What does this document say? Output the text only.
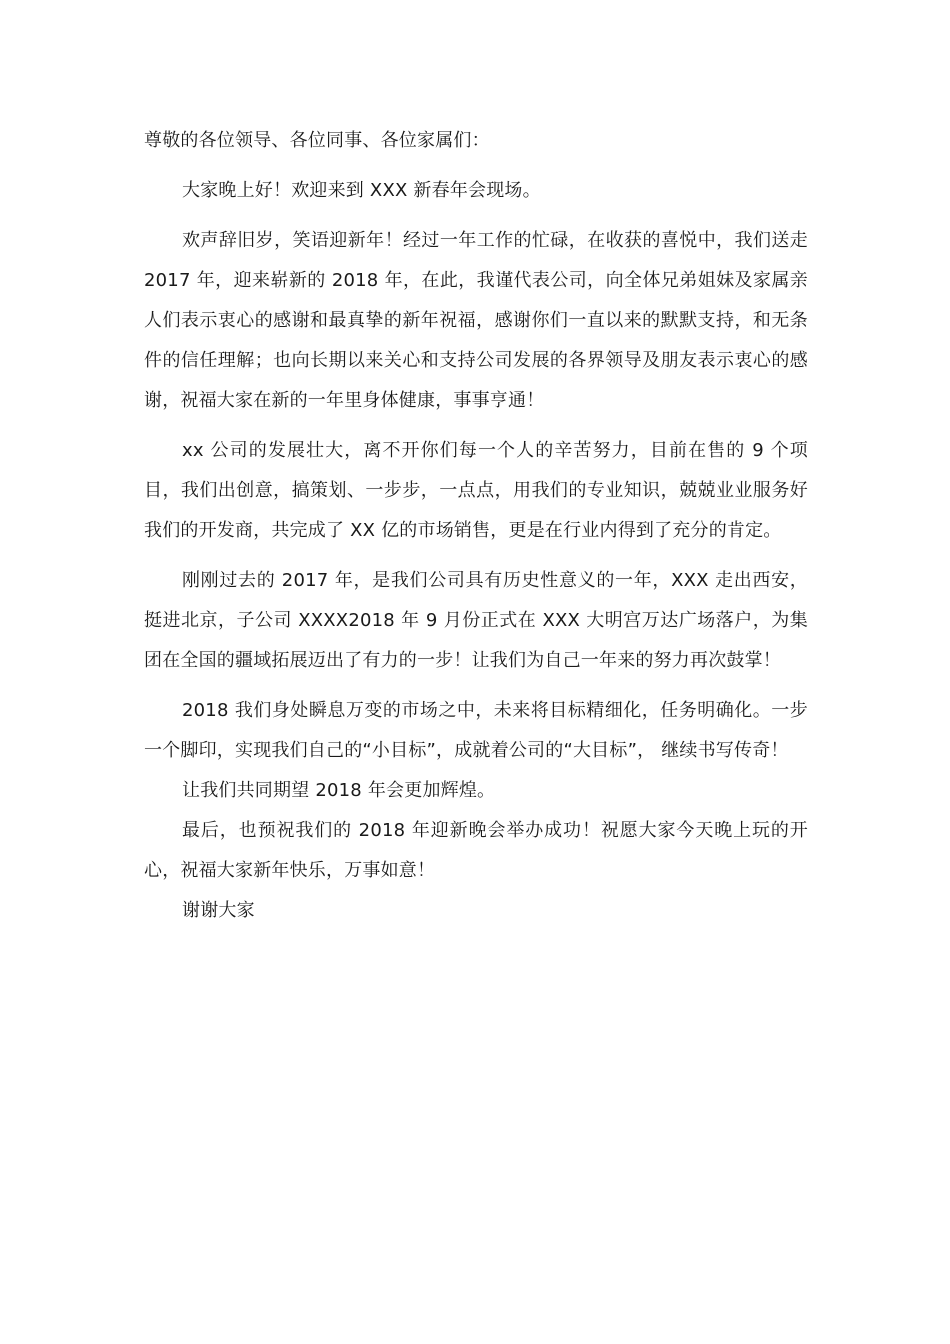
尊敬的各位领导、各位同事、各位家属们：

大家晚上好！欢迎来到 XXX 新春年会现场。

欢声辞旧岁，笑语迎新年！经过一年工作的忙碌，在收获的喜悦中，我们送走 2017 年，迎来崭新的 2018 年，在此，我谨代表公司，向全体兄弟姐妹及家属亲人们表示衷心的感谢和最真挚的新年祝福，感谢你们一直以来的默默支持，和无条件的信任理解；也向长期以来关心和支持公司发展的各界领导及朋友表示衷心的感谢，祝福大家在新的一年里身体健康，事事亨通！

xx 公司的发展壮大，离不开你们每一个人的辛苦努力，目前在售的 9 个项目，我们出创意，搞策划、一步步，一点点，用我们的专业知识，兢兢业业服务好我们的开发商，共完成了 XX 亿的市场销售，更是在行业内得到了充分的肯定。

刚刚过去的 2017 年，是我们公司具有历史性意义的一年，XXX 走出西安，挺进北京，子公司 XXXX2018 年 9 月份正式在 XXX 大明宫万达广场落户，为集团在全国的疆域拓展迈出了有力的一步！让我们为自己一年来的努力再次鼓掌！

2018 我们身处瞬息万变的市场之中，未来将目标精细化，任务明确化。一步一个脚印，实现我们自己的“小目标”，成就着公司的“大目标”， 继续书写传奇！

让我们共同期望 2018 年会更加辉煌。

最后，也预祝我们的 2018 年迎新晚会举办成功！祝愿大家今天晚上玩的开心，祝福大家新年快乐，万事如意！

谢谢大家
